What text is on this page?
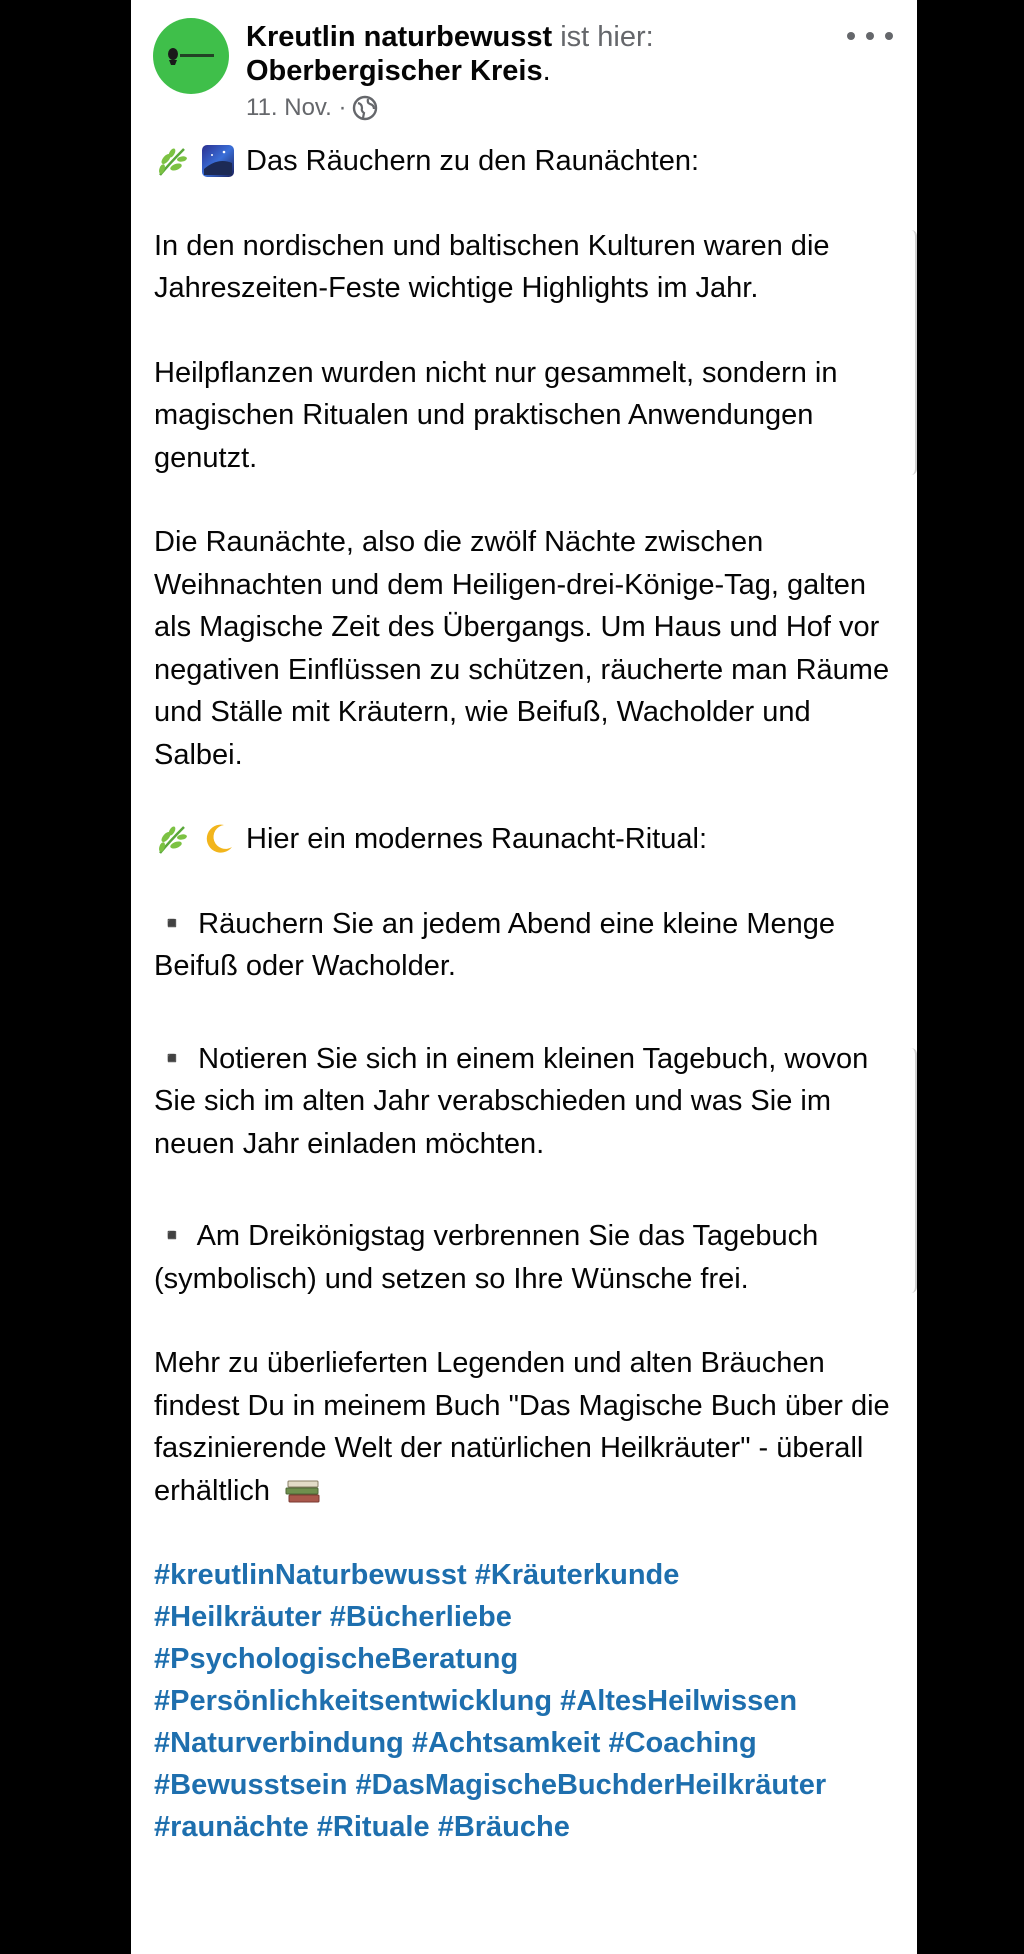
Kreutlin naturbewusst ist hier:
Oberbergischer Kreis.
11. Nov. ·
Das Räuchern zu den Raunächten:

In den nordischen und baltischen Kulturen waren die Jahreszeiten-Feste wichtige Highlights im Jahr.

Heilpflanzen wurden nicht nur gesammelt, sondern in magischen Ritualen und praktischen Anwendungen genutzt.

Die Raunächte, also die zwölf Nächte zwischen Weihnachten und dem Heiligen-drei-Könige-Tag, galten als Magische Zeit des Übergangs. Um Haus und Hof vor negativen Einflüssen zu schützen, räucherte man Räume und Ställe mit Kräutern, wie Beifuß, Wacholder und Salbei.

Hier ein modernes Raunacht-Ritual:

▪️ Räuchern Sie an jedem Abend eine kleine Menge Beifuß oder Wacholder.

▪️ Notieren Sie sich in einem kleinen Tagebuch, wovon Sie sich im alten Jahr verabschieden und was Sie im neuen Jahr einladen möchten.

▪️ Am Dreikönigstag verbrennen Sie das Tagebuch (symbolisch) und setzen so Ihre Wünsche frei.

Mehr zu überlieferten Legenden und alten Bräuchen findest Du in meinem Buch "Das Magische Buch über die faszinierende Welt der natürlichen Heilkräuter" - überall erhältlich

#kreutlinNaturbewusst #Kräuterkunde
#Heilkräuter #Bücherliebe
#PsychologischeBeratung
#Persönlichkeitsentwicklung #AltesHeilwissen
#Naturverbindung #Achtsamkeit #Coaching
#Bewusstsein #DasMagischeBuchderHeilkräuter
#raunächte #Rituale #Bräuche
